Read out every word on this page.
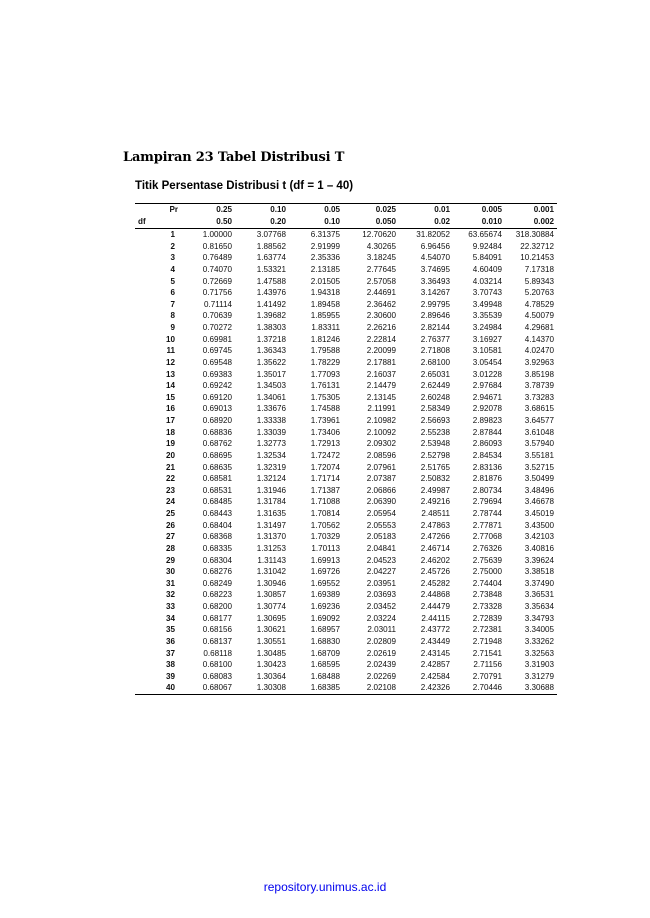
Lampiran 23 Tabel Distribusi T
Titik Persentase Distribusi t (df = 1 – 40)
Pr	0.25	0.10	0.05	0.025	0.01	0.005	0.001
df	0.50	0.20	0.10	0.050	0.02	0.010	0.002
1	1.00000	3.07768	6.31375	12.70620	31.82052	63.65674	318.30884
2	0.81650	1.88562	2.91999	4.30265	6.96456	9.92484	22.32712
3	0.76489	1.63774	2.35336	3.18245	4.54070	5.84091	10.21453
4	0.74070	1.53321	2.13185	2.77645	3.74695	4.60409	7.17318
5	0.72669	1.47588	2.01505	2.57058	3.36493	4.03214	5.89343
6	0.71756	1.43976	1.94318	2.44691	3.14267	3.70743	5.20763
7	0.71114	1.41492	1.89458	2.36462	2.99795	3.49948	4.78529
8	0.70639	1.39682	1.85955	2.30600	2.89646	3.35539	4.50079
9	0.70272	1.38303	1.83311	2.26216	2.82144	3.24984	4.29681
10	0.69981	1.37218	1.81246	2.22814	2.76377	3.16927	4.14370
11	0.69745	1.36343	1.79588	2.20099	2.71808	3.10581	4.02470
12	0.69548	1.35622	1.78229	2.17881	2.68100	3.05454	3.92963
13	0.69383	1.35017	1.77093	2.16037	2.65031	3.01228	3.85198
14	0.69242	1.34503	1.76131	2.14479	2.62449	2.97684	3.78739
15	0.69120	1.34061	1.75305	2.13145	2.60248	2.94671	3.73283
16	0.69013	1.33676	1.74588	2.11991	2.58349	2.92078	3.68615
17	0.68920	1.33338	1.73961	2.10982	2.56693	2.89823	3.64577
18	0.68836	1.33039	1.73406	2.10092	2.55238	2.87844	3.61048
19	0.68762	1.32773	1.72913	2.09302	2.53948	2.86093	3.57940
20	0.68695	1.32534	1.72472	2.08596	2.52798	2.84534	3.55181
21	0.68635	1.32319	1.72074	2.07961	2.51765	2.83136	3.52715
22	0.68581	1.32124	1.71714	2.07387	2.50832	2.81876	3.50499
23	0.68531	1.31946	1.71387	2.06866	2.49987	2.80734	3.48496
24	0.68485	1.31784	1.71088	2.06390	2.49216	2.79694	3.46678
25	0.68443	1.31635	1.70814	2.05954	2.48511	2.78744	3.45019
26	0.68404	1.31497	1.70562	2.05553	2.47863	2.77871	3.43500
27	0.68368	1.31370	1.70329	2.05183	2.47266	2.77068	3.42103
28	0.68335	1.31253	1.70113	2.04841	2.46714	2.76326	3.40816
29	0.68304	1.31143	1.69913	2.04523	2.46202	2.75639	3.39624
30	0.68276	1.31042	1.69726	2.04227	2.45726	2.75000	3.38518
31	0.68249	1.30946	1.69552	2.03951	2.45282	2.74404	3.37490
32	0.68223	1.30857	1.69389	2.03693	2.44868	2.73848	3.36531
33	0.68200	1.30774	1.69236	2.03452	2.44479	2.73328	3.35634
34	0.68177	1.30695	1.69092	2.03224	2.44115	2.72839	3.34793
35	0.68156	1.30621	1.68957	2.03011	2.43772	2.72381	3.34005
36	0.68137	1.30551	1.68830	2.02809	2.43449	2.71948	3.33262
37	0.68118	1.30485	1.68709	2.02619	2.43145	2.71541	3.32563
38	0.68100	1.30423	1.68595	2.02439	2.42857	2.71156	3.31903
39	0.68083	1.30364	1.68488	2.02269	2.42584	2.70791	3.31279
40	0.68067	1.30308	1.68385	2.02108	2.42326	2.70446	3.30688
repository.unimus.ac.id
